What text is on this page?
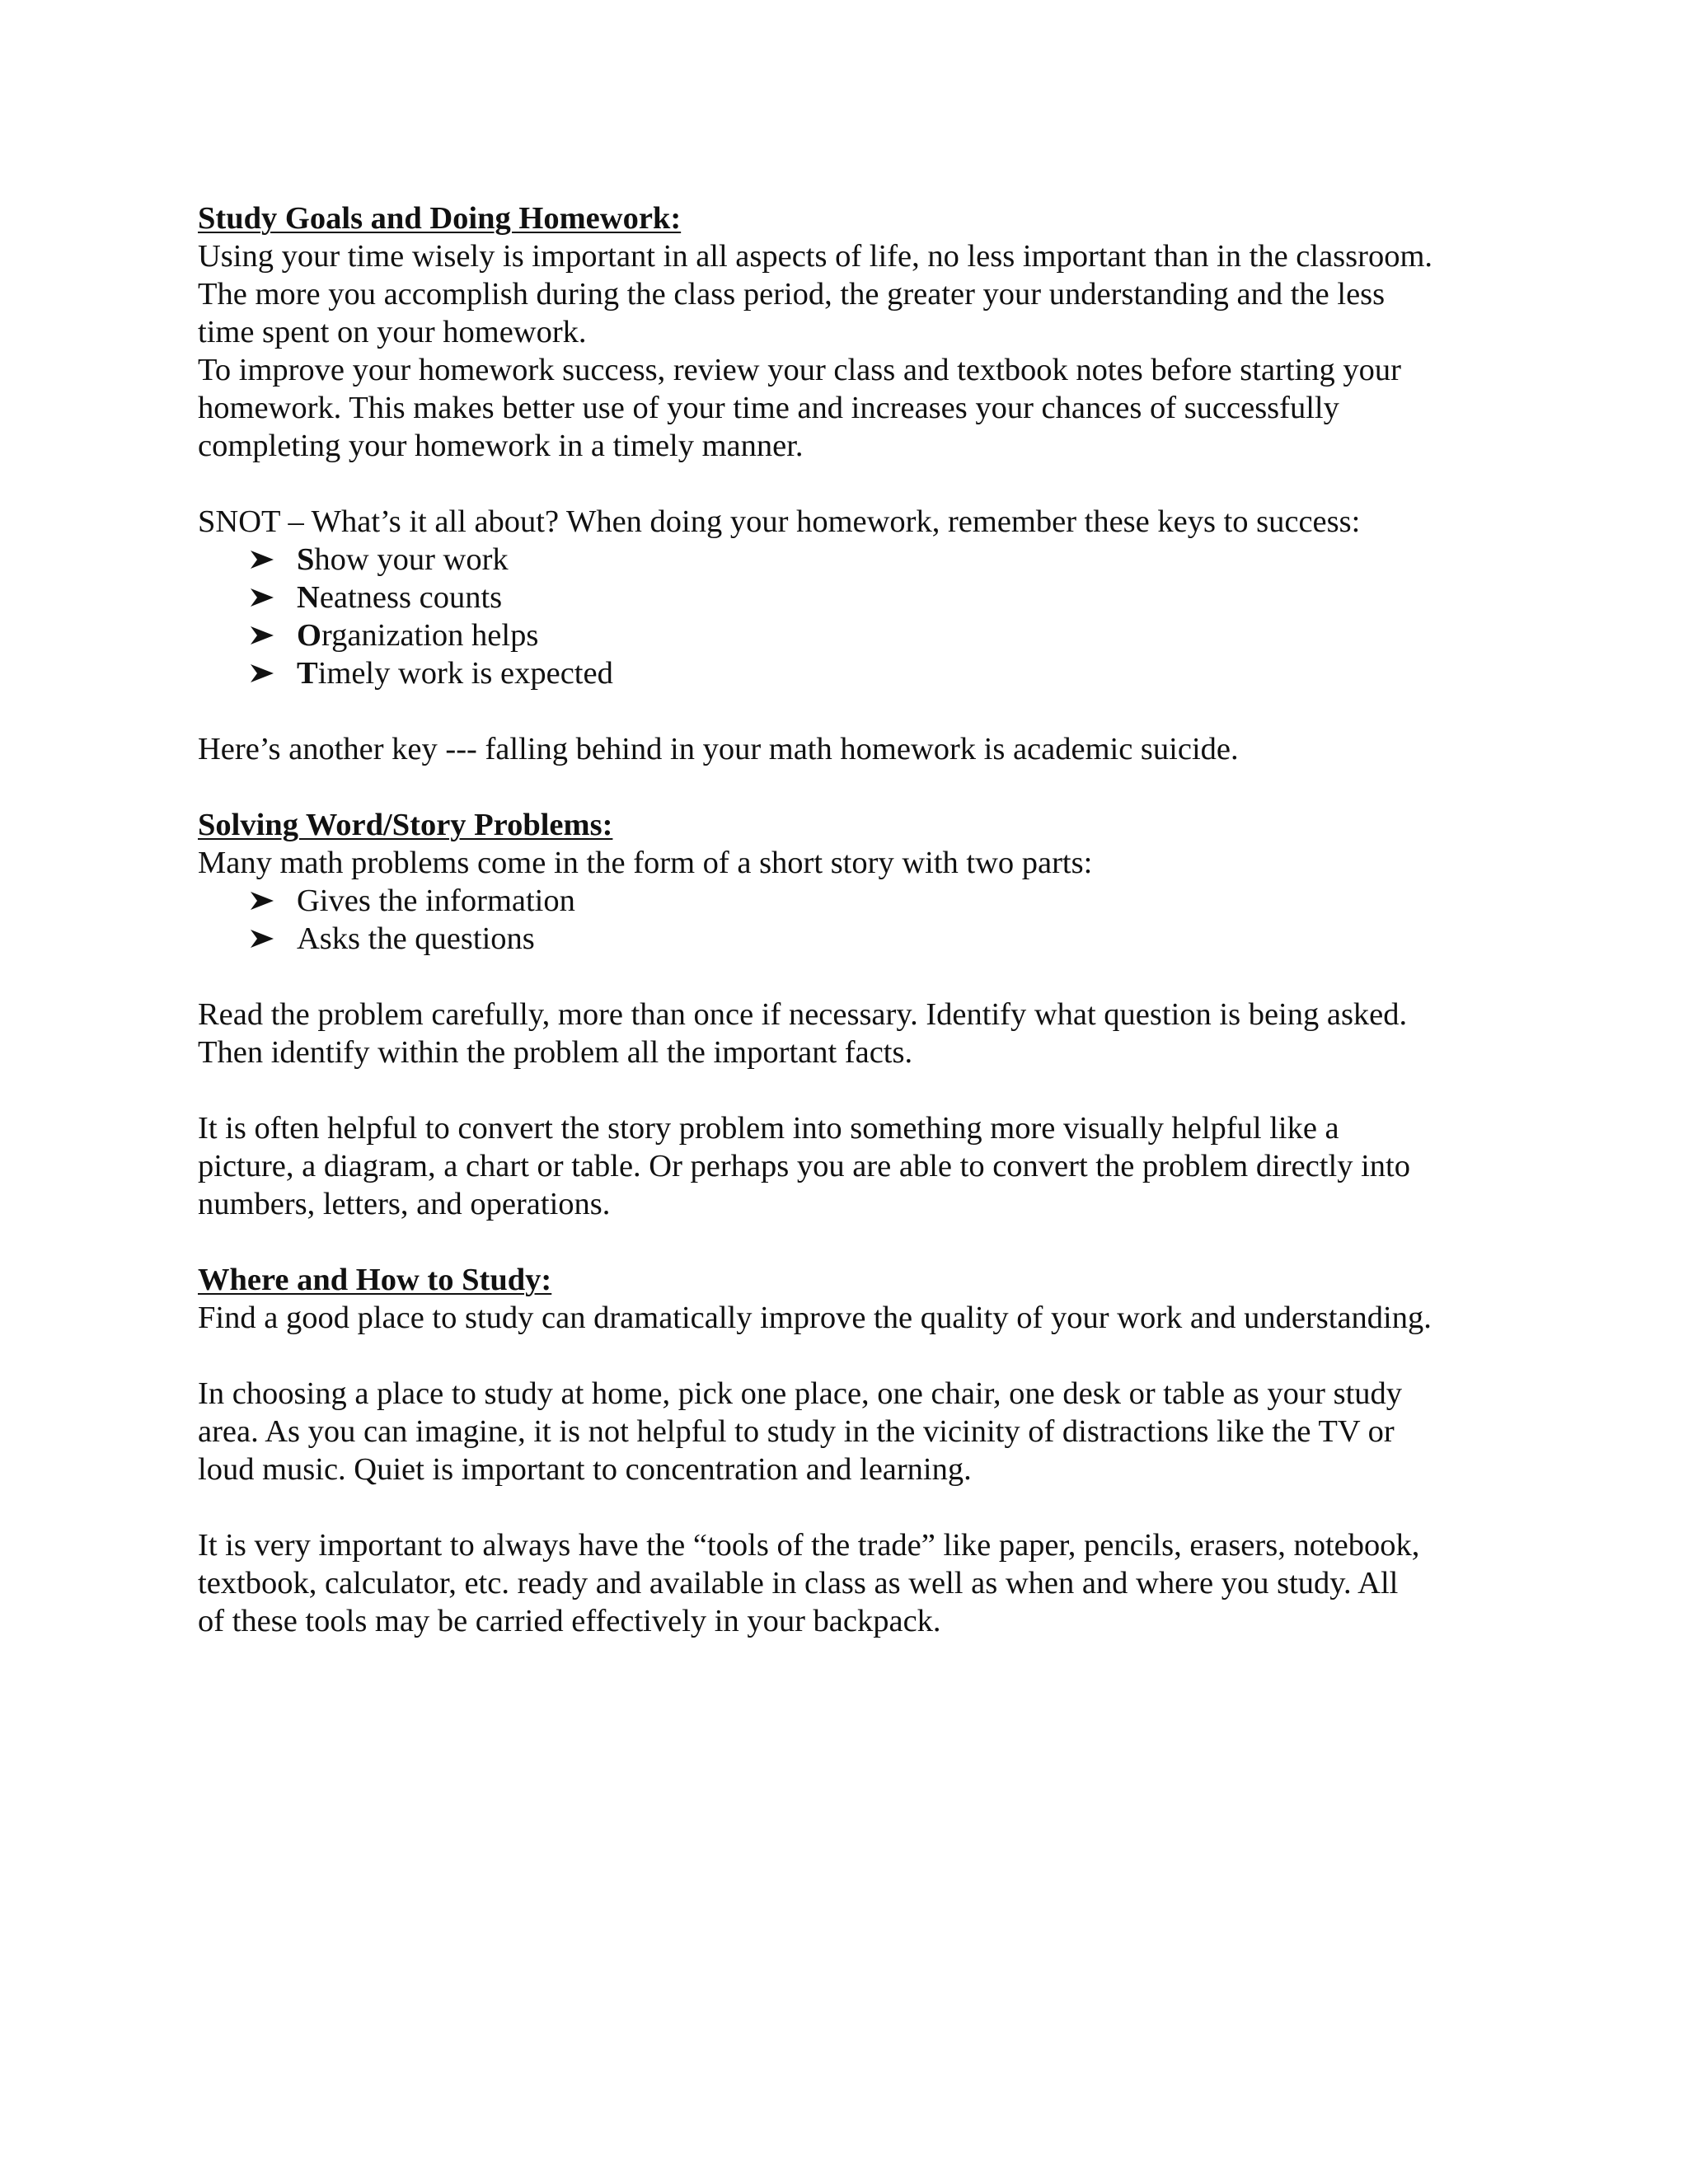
Study Goals and Doing Homework:

Using your time wisely is important in all aspects of life, no less important than in the classroom.

The more you accomplish during the class period, the greater your understanding and the less

time spent on your homework.

To improve your homework success, review your class and textbook notes before starting your

homework. This makes better use of your time and increases your chances of successfully

completing your homework in a timely manner.

SNOT – What’s it all about? When doing your homework, remember these keys to success:

Show your work
Neatness counts
Organization helps
Timely work is expected

Here’s another key --- falling behind in your math homework is academic suicide.

Solving Word/Story Problems:

Many math problems come in the form of a short story with two parts:

Gives the information
Asks the questions

Read the problem carefully, more than once if necessary. Identify what question is being asked.

Then identify within the problem all the important facts.

It is often helpful to convert the story problem into something more visually helpful like a

picture, a diagram, a chart or table. Or perhaps you are able to convert the problem directly into

numbers, letters, and operations.

Where and How to Study:

Find a good place to study can dramatically improve the quality of your work and understanding.

In choosing a place to study at home, pick one place, one chair, one desk or table as your study

area. As you can imagine, it is not helpful to study in the vicinity of distractions like the TV or

loud music. Quiet is important to concentration and learning.

It is very important to always have the “tools of the trade” like paper, pencils, erasers, notebook,

textbook, calculator, etc. ready and available in class as well as when and where you study. All

of these tools may be carried effectively in your backpack.
